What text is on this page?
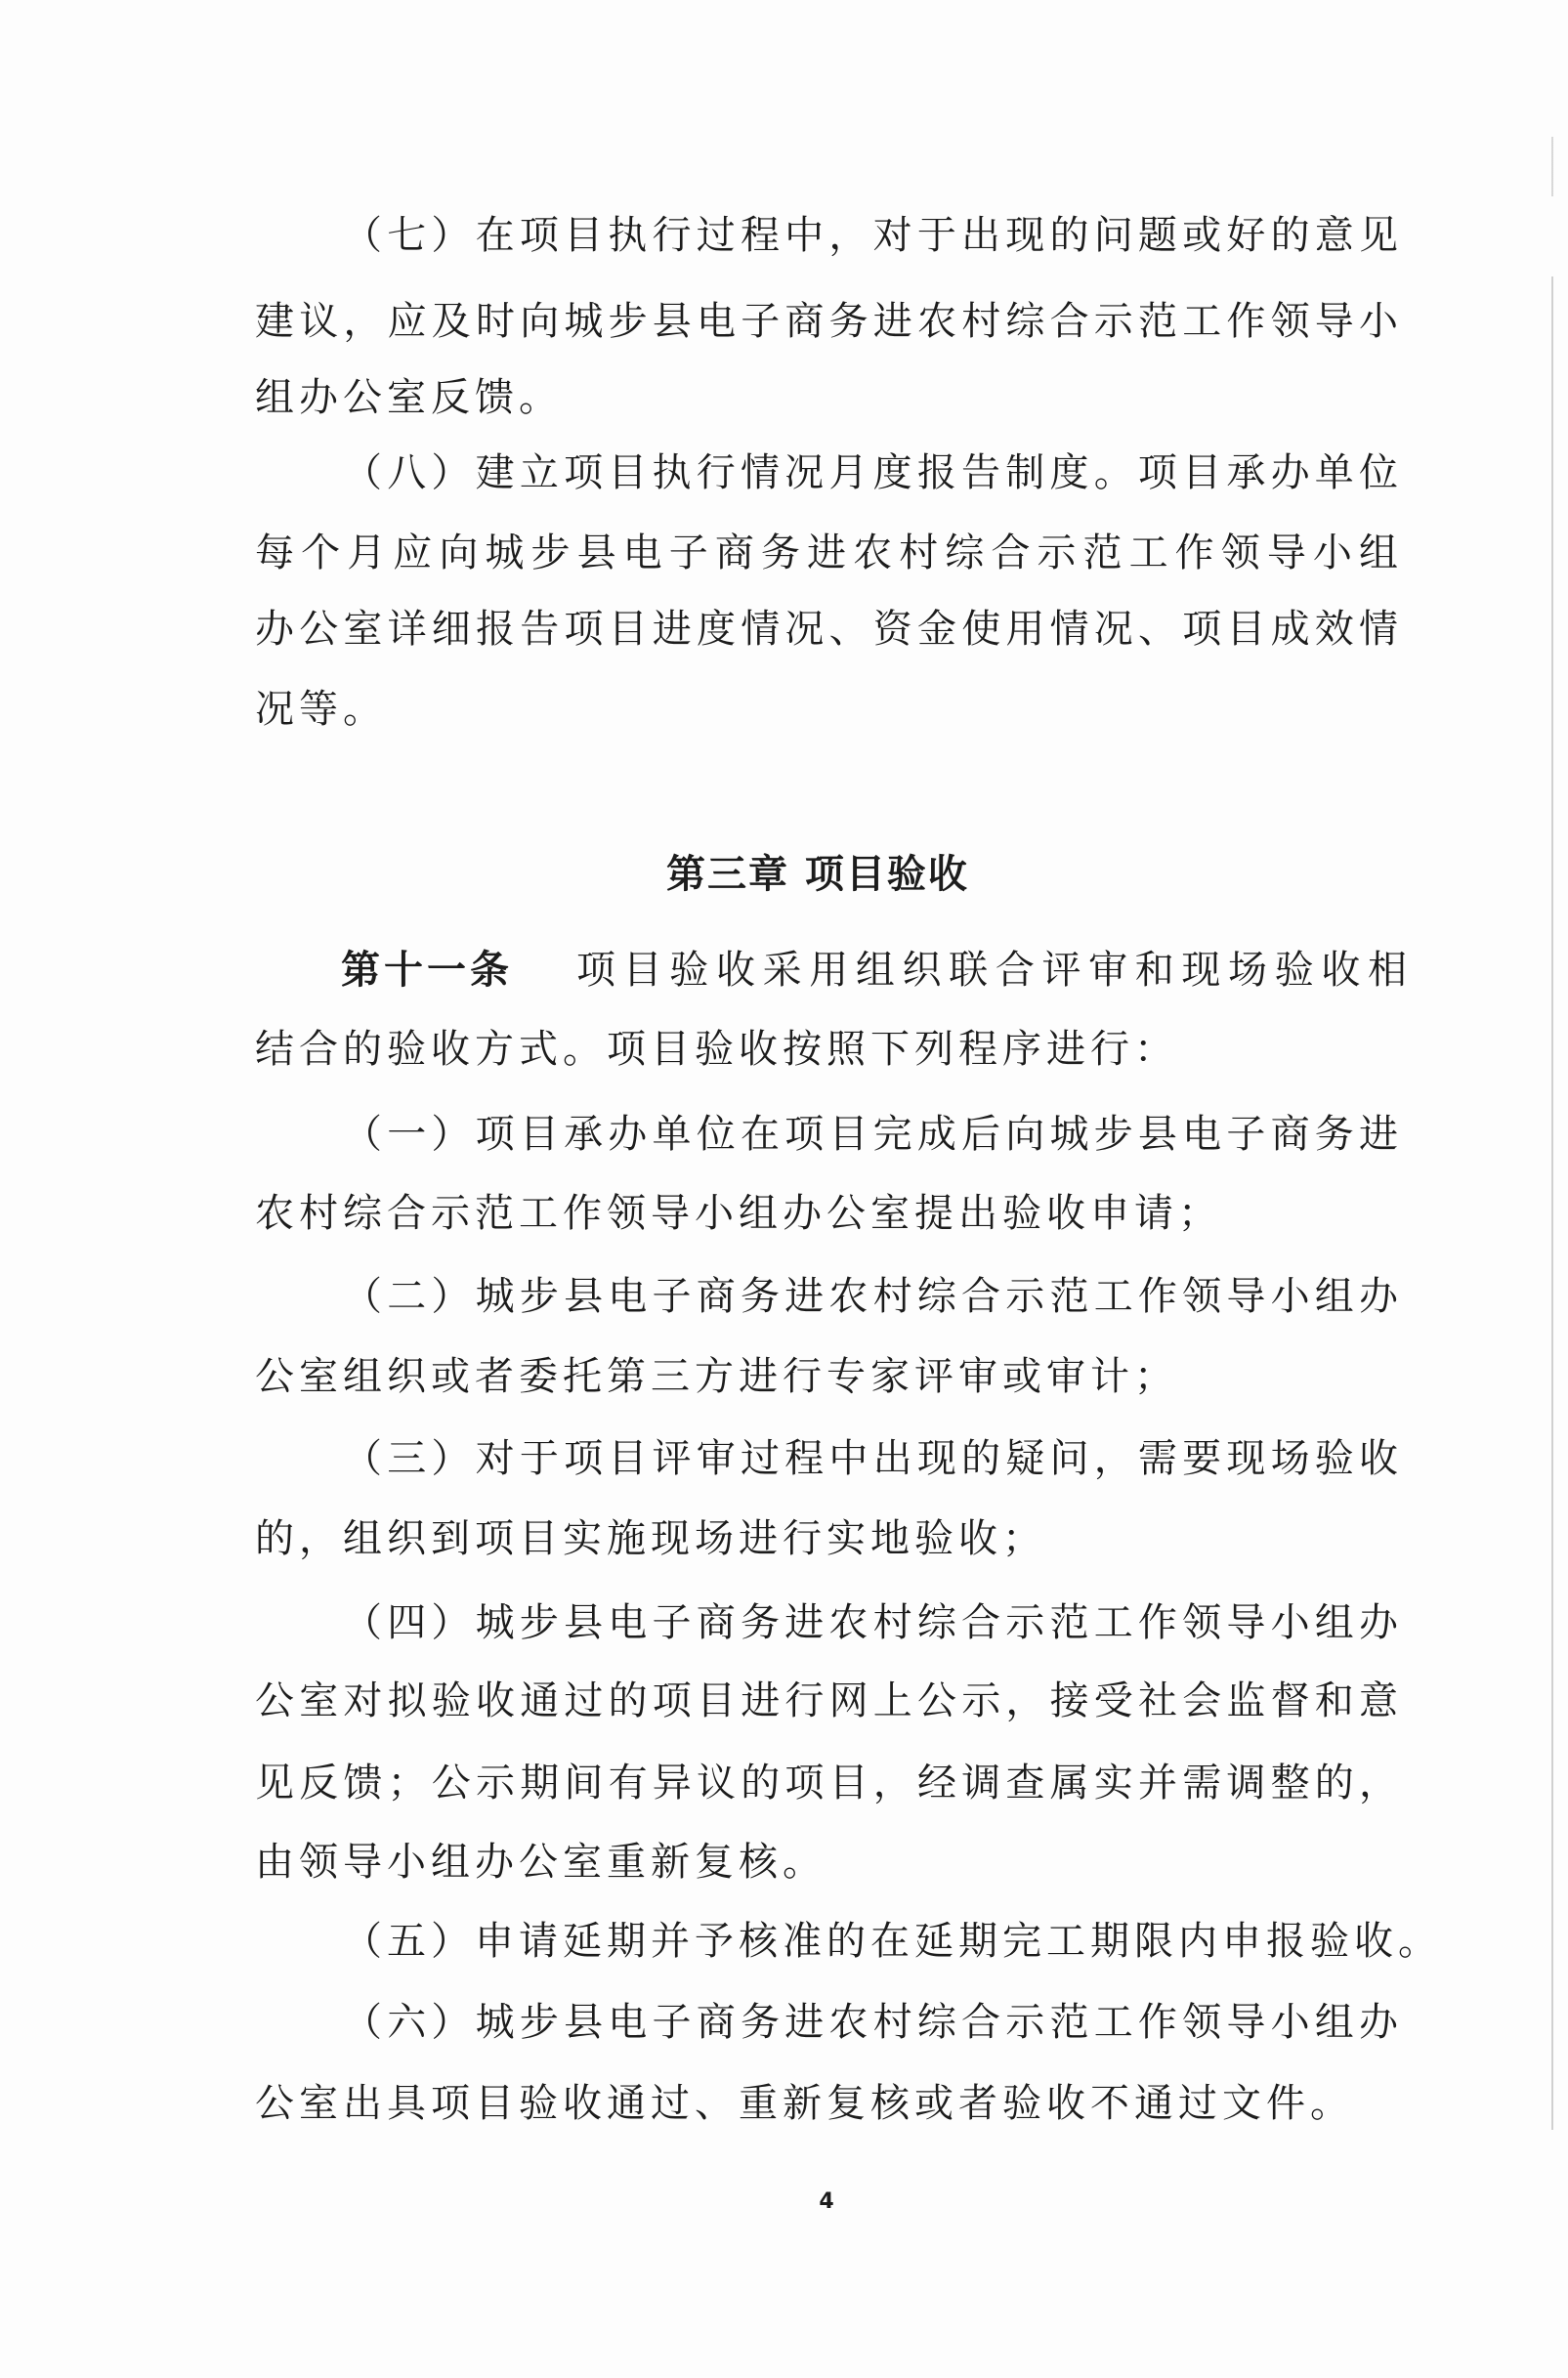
（七）在项目执行过程中，对于出现的问题或好的意见
建议，应及时向城步县电子商务进农村综合示范工作领导小
组办公室反馈。
（八）建立项目执行情况月度报告制度。项目承办单位
每个月应向城步县电子商务进农村综合示范工作领导小组
办公室详细报告项目进度情况、资金使用情况、项目成效情
况等。
第三章 项目验收
第十一条 项目验收采用组织联合评审和现场验收相
结合的验收方式。项目验收按照下列程序进行：
（一）项目承办单位在项目完成后向城步县电子商务进
农村综合示范工作领导小组办公室提出验收申请；
（二）城步县电子商务进农村综合示范工作领导小组办
公室组织或者委托第三方进行专家评审或审计；
（三）对于项目评审过程中出现的疑问，需要现场验收
的，组织到项目实施现场进行实地验收；
（四）城步县电子商务进农村综合示范工作领导小组办
公室对拟验收通过的项目进行网上公示，接受社会监督和意
见反馈；公示期间有异议的项目，经调查属实并需调整的，
由领导小组办公室重新复核。
（五）申请延期并予核准的在延期完工期限内申报验收。
（六）城步县电子商务进农村综合示范工作领导小组办
公室出具项目验收通过、重新复核或者验收不通过文件。
4
